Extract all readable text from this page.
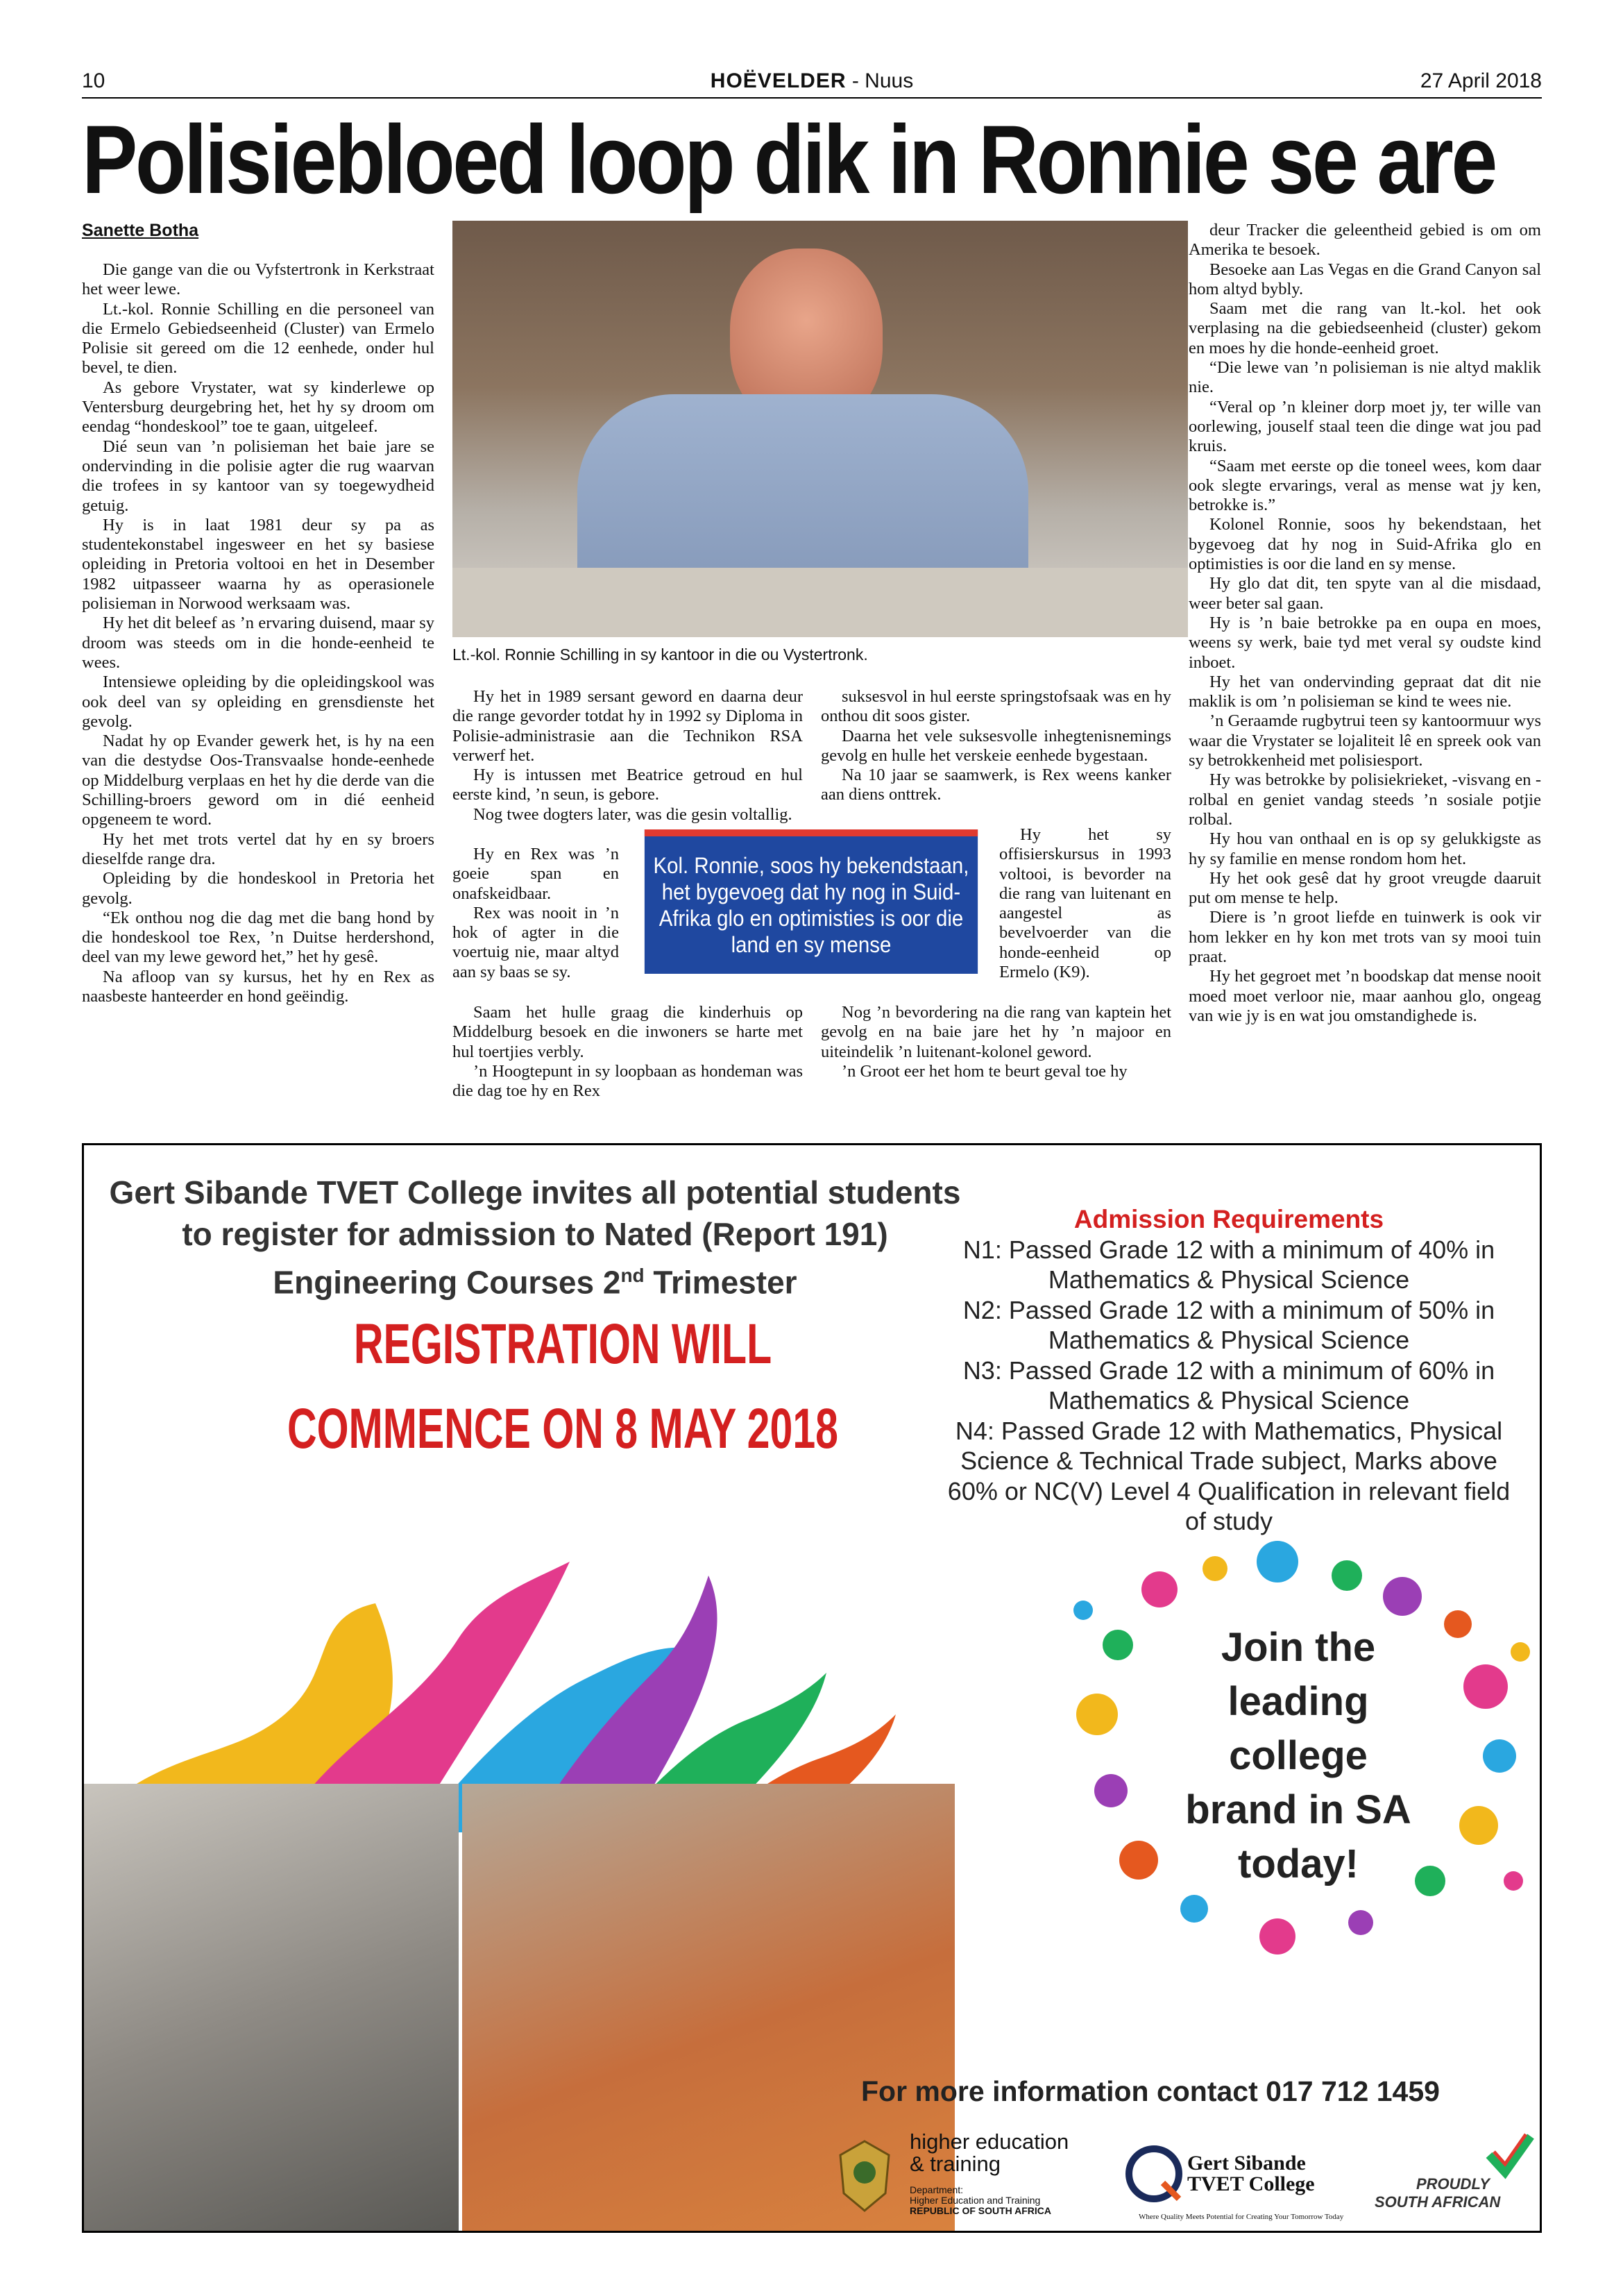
10	HOËVELDER - Nuus	27 April 2018
Polisiebloed loop dik in Ronnie se are
Sanette Botha

Die gange van die ou Vyfstertronk in Kerkstraat het weer lewe.

Lt.-kol. Ronnie Schilling en die personeel van die Ermelo Gebiedseenheid (Cluster) van Ermelo Polisie sit gereed om die 12 eenhede, onder hul bevel, te dien.

As gebore Vrystater, wat sy kinderlewe op Ventersburg deurgebring het, het hy sy droom om eendag “hondeskool” toe te gaan, uitgeleef.

Dié seun van ’n polisieman het baie jare se ondervinding in die polisie agter die rug waarvan die trofees in sy kantoor van sy toegewydheid getuig.

Hy is in laat 1981 deur sy pa as studentekonstabel ingesweer en het sy basiese opleiding in Pretoria voltooi en het in Desember 1982 uitpasseer waarna hy as operasionele polisieman in Norwood werksaam was.

Hy het dit beleef as ’n ervaring duisend, maar sy droom was steeds om in die honde-eenheid te wees.

Intensiewe opleiding by die opleidingskool was ook deel van sy opleiding en grensdienste het gevolg.

Nadat hy op Evander gewerk het, is hy na een van die destydse Oos-Transvaalse honde-eenhede op Middelburg verplaas en het hy die derde van die Schilling-broers geword om in dié eenheid opgeneem te word.

Hy het met trots vertel dat hy en sy broers dieselfde range dra.

Opleiding by die hondeskool in Pretoria het gevolg.

“Ek onthou nog die dag met die bang hond by die hondeskool toe Rex, ’n Duitse herdershond, deel van my lewe geword het,” het hy gesê.

Na afloop van sy kursus, het hy en Rex as naasbeste hanteerder en hond geëindig.

Lt.-kol. Ronnie Schilling in sy kantoor in die ou Vystertronk.

Hy het in 1989 sersant geword en daarna deur die range gevorder totdat hy in 1992 sy Diploma in Polisie-administrasie aan die Technikon RSA verwerf het.

Hy is intussen met Beatrice getroud en hul eerste kind, ’n seun, is gebore.

Nog twee dogters later, was die gesin voltallig.

Hy en Rex was ’n goeie span en onafskeidbaar.

Rex was nooit in ’n hok of agter in die voertuig nie, maar altyd aan sy baas se sy.

Saam het hulle graag die kinderhuis op Middelburg besoek en die inwoners se harte met hul toertjies verbly.

’n Hoogtepunt in sy loopbaan as hondeman was die dag toe hy en Rex

suksesvol in hul eerste springstofsaak was en hy onthou dit soos gister.

Daarna het vele suksesvolle inhegtenisnemings gevolg en hulle het verskeie eenhede bygestaan.

Na 10 jaar se saamwerk, is Rex weens kanker aan diens onttrek.

Hy het sy offisierskursus in 1993 voltooi, is bevorder na die rang van luitenant en aangestel as bevelvoerder van die honde-eenheid op Ermelo (K9).

Nog ’n bevordering na die rang van kaptein het gevolg en na baie jare het hy ’n majoor en uiteindelik ’n luitenant-kolonel geword.

’n Groot eer het hom te beurt geval toe hy

Kol. Ronnie, soos hy bekendstaan, het bygevoeg dat hy nog in Suid-Afrika glo en optimisties is oor die land en sy mense

deur Tracker die geleentheid gebied is om om Amerika te besoek.

Besoeke aan Las Vegas en die Grand Canyon sal hom altyd bybly.

Saam met die rang van lt.-kol. het ook verplasing na die gebiedseenheid (cluster) gekom en moes hy die honde-eenheid groet.

“Die lewe van ’n polisieman is nie altyd maklik nie.

“Veral op ’n kleiner dorp moet jy, ter wille van oorlewing, jouself staal teen die dinge wat jou pad kruis.

“Saam met eerste op die toneel wees, kom daar ook slegte ervarings, veral as mense wat jy ken, betrokke is.”

Kolonel Ronnie, soos hy bekendstaan, het bygevoeg dat hy nog in Suid-Afrika glo en optimisties is oor die land en sy mense.

Hy glo dat dit, ten spyte van al die misdaad, weer beter sal gaan.

Hy is ’n baie betrokke pa en oupa en moes, weens sy werk, baie tyd met veral sy oudste kind inboet.

Hy het van ondervinding gepraat dat dit nie maklik is om ’n polisieman se kind te wees nie.

’n Geraamde rugbytrui teen sy kantoormuur wys waar die Vrystater se lojaliteit lê en spreek ook van sy betrokkenheid met polisiesport.

Hy was betrokke by polisiekrieket, -visvang en -rolbal en geniet vandag steeds ’n sosiale potjie rolbal.

Hy hou van onthaal en is op sy gelukkigste as hy sy familie en mense rondom hom het.

Hy het ook gesê dat hy groot vreugde daaruit put om mense te help.

Diere is ’n groot liefde en tuinwerk is ook vir hom lekker en hy kon met trots van sy mooi tuin praat.

Hy het gegroet met ’n boodskap dat mense nooit moed moet verloor nie, maar aanhou glo, ongeag van wie jy is en wat jou omstandighede is.

Gert Sibande TVET College invites all potential students to register for admission to Nated (Report 191) Engineering Courses 2nd Trimester
REGISTRATION WILL
COMMENCE ON 8 MAY 2018
Admission Requirements
N1: Passed Grade 12 with a minimum of 40% in Mathematics & Physical Science
N2: Passed Grade 12 with a minimum of 50% in Mathematics & Physical Science
N3: Passed Grade 12 with a minimum of 60% in Mathematics & Physical Science
N4: Passed Grade 12 with Mathematics, Physical Science & Technical Trade subject, Marks above 60% or NC(V) Level 4 Qualification in relevant field of study
Join the
leading
college
brand in SA
today!
For more information contact 017 712 1459
higher education
& training
Department:
Higher Education and Training
REPUBLIC OF SOUTH AFRICA
Gert Sibande
TVET College
Where Quality Meets Potential for Creating Your Tomorrow Today
PROUDLY
SOUTH AFRICAN
